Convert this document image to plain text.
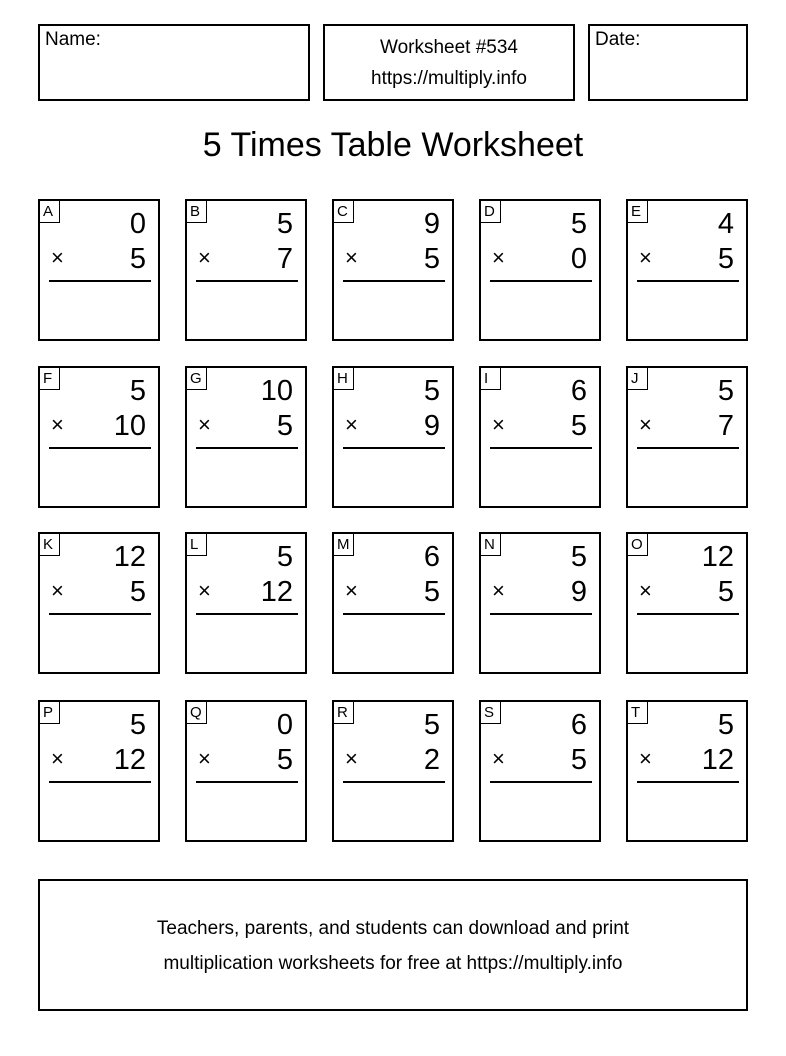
Name:	Worksheet #534
https://multiply.info
Date:
5 Times Table Worksheet
A	0
× 5
B	5
× 7
C	9
× 5
D	5
× 0
E	4
× 5
F	5
× 10
G 10
× 5
H	5
× 9
I	6
× 5
J	5
× 7
K 12
× 5
L	5
× 12
M	6
× 5
N	5
× 9
O 12
× 5
P	5
× 12
Q	0
× 5
R	5
× 2
S	6
× 5
T	5
× 12
Teachers, parents, and students can download and print
multiplication worksheets for free at https://multiply.info
